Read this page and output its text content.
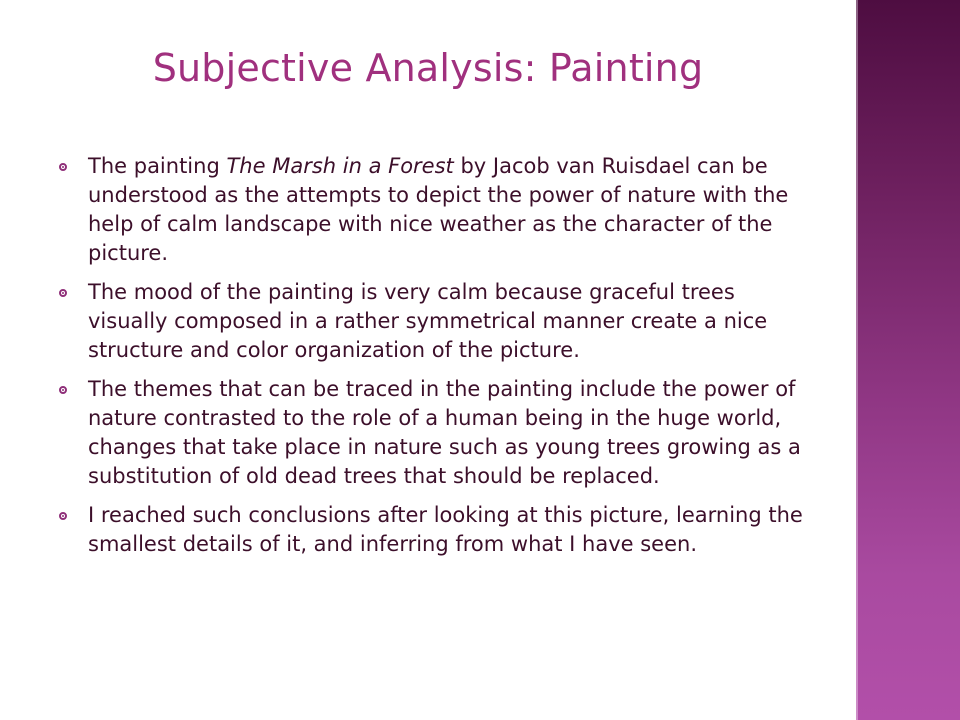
Subjective Analysis: Painting
The painting The Marsh in a Forest by Jacob van Ruisdael can be understood as the attempts to depict the power of nature with the help of calm landscape with nice weather as the character of the picture.
The mood of the painting is very calm because graceful trees visually composed in a rather symmetrical manner create a nice structure and color organization of the picture.
The themes that can be traced in the painting include the power of nature contrasted to the role of a human being in the huge world, changes that take place in nature such as young trees growing as a substitution of old dead trees that should be replaced.
I reached such conclusions after looking at this picture, learning the smallest details of it, and inferring from what I have seen.
